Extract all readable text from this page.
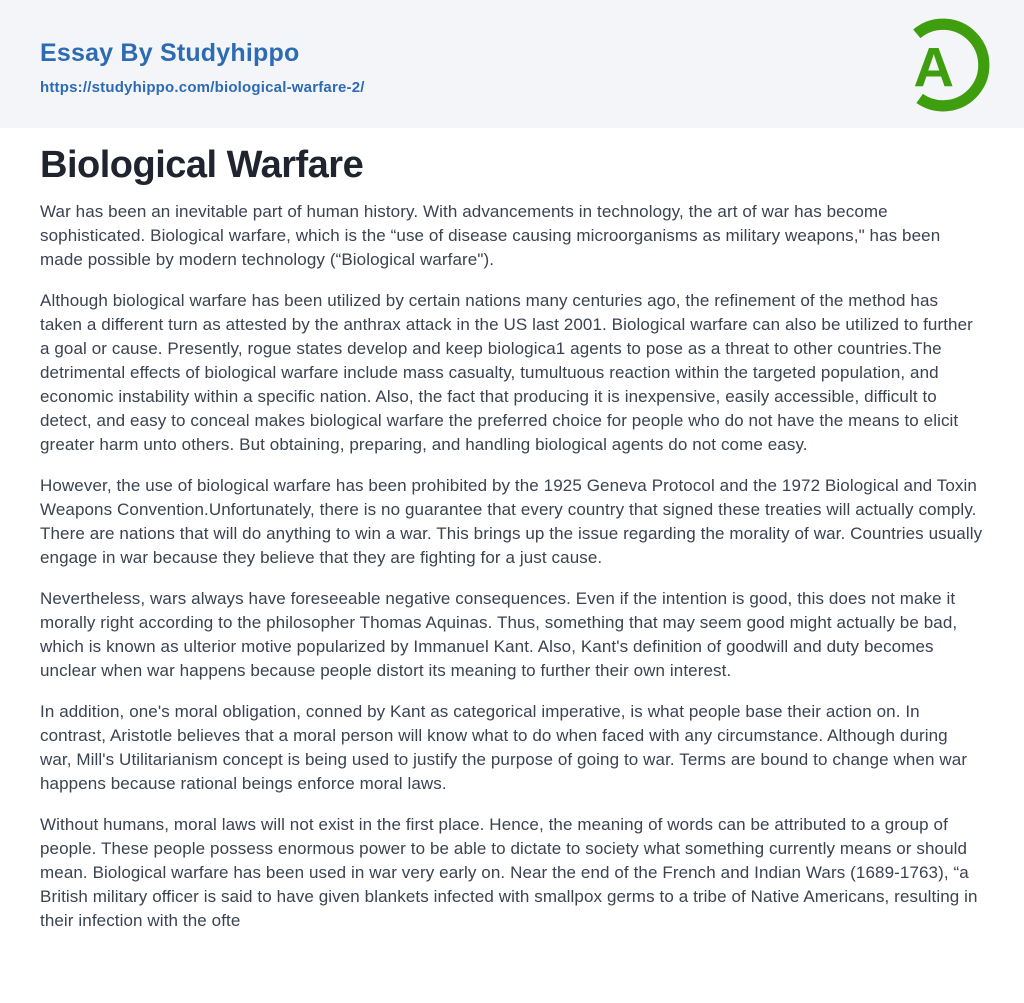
Essay By Studyhippo
https://studyhippo.com/biological-warfare-2/	A
Biological Warfare

War has been an inevitable part of human history. With advancements in technology, the art of war has become sophisticated. Biological warfare, which is the “use of disease causing microorganisms as military weapons," has been made possible by modern technology (“Biological warfare").

Although biological warfare has been utilized by certain nations many centuries ago, the refinement of the method has taken a different turn as attested by the anthrax attack in the US last 2001. Biological warfare can also be utilized to further a goal or cause. Presently, rogue states develop and keep biologica1 agents to pose as a threat to other countries.The detrimental effects of biological warfare include mass casualty, tumultuous reaction within the targeted population, and economic instability within a specific nation. Also, the fact that producing it is inexpensive, easily accessible, difficult to detect, and easy to conceal makes biological warfare the preferred choice for people who do not have the means to elicit greater harm unto others. But obtaining, preparing, and handling biological agents do not come easy.

However, the use of biological warfare has been prohibited by the 1925 Geneva Protocol and the 1972 Biological and Toxin Weapons Convention.Unfortunately, there is no guarantee that every country that signed these treaties will actually comply. There are nations that will do anything to win a war. This brings up the issue regarding the morality of war. Countries usually engage in war because they believe that they are fighting for a just cause.

Nevertheless, wars always have foreseeable negative consequences. Even if the intention is good, this does not make it morally right according to the philosopher Thomas Aquinas. Thus, something that may seem good might actually be bad, which is known as ulterior motive popularized by Immanuel Kant. Also, Kant's definition of goodwill and duty becomes unclear when war happens because people distort its meaning to further their own interest.

In addition, one's moral obligation, conned by Kant as categorical imperative, is what people base their action on. In contrast, Aristotle believes that a moral person will know what to do when faced with any circumstance. Although during war, Mill's Utilitarianism concept is being used to justify the purpose of going to war. Terms are bound to change when war happens because rational beings enforce moral laws.

Without humans, moral laws will not exist in the first place. Hence, the meaning of words can be attributed to a group of people. These people possess enormous power to be able to dictate to society what something currently means or should mean. Biological warfare has been used in war very early on. Near the end of the French and Indian Wars (1689-1763), “a British military officer is said to have given blankets infected with smallpox germs to a tribe of Native Americans, resulting in their infection with the ofte
